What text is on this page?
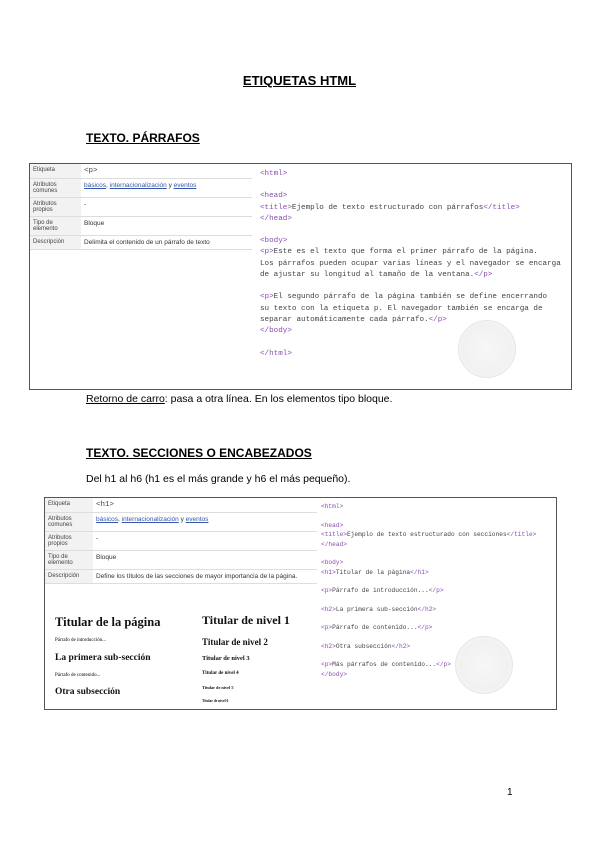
ETIQUETAS HTML
TEXTO. PÁRRAFOS
Etiqueta	<p>
Atributos comunes	básicos, internacionalización y eventos
Atributos propios	-
Tipo de elemento	Bloque
Descripción	Delimita el contenido de un párrafo de texto
<html>
<head>
<title>Ejemplo de texto estructurado con párrafos</title>
</head>
<body>
<p>Este es el texto que forma el primer párrafo de la página.
Los párrafos pueden ocupar varias líneas y el navegador se encarga
de ajustar su longitud al tamaño de la ventana.</p>
<p>El segundo párrafo de la página también se define encerrando
su texto con la etiqueta p. El navegador también se encarga de
separar automáticamente cada párrafo.</p>
</body>
</html>
Retorno de carro: pasa a otra línea. En los elementos tipo bloque.
TEXTO. SECCIONES O ENCABEZADOS
Del h1 al h6 (h1 es el más grande y h6 el más pequeño).
Etiqueta	<h1>
Atributos comunes	básicos, internacionalización y eventos
Atributos propios	-
Tipo de elemento	Bloque
Descripción	Define los títulos de las secciones de mayor importancia de la página.
Titular de la página
Párrafo de introducción...
La primera sub-sección
Párrafo de contenido...
Otra subsección
Titular de nivel 1
Titular de nivel 2
Titular de nivel 3
Titular de nivel 4
Titular de nivel 5
Titular de nivel 6
<html>
<head>
<title>Ejemplo de texto estructurado con secciones</title>
</head>
<body>
<h1>Titular de la página</h1>
<p>Párrafo de introducción...</p>
<h2>La primera sub-sección</h2>
<p>Párrafo de contenido...</p>
<h2>Otra subsección</h2>
<p>Más párrafos de contenido...</p>
</body>
1
